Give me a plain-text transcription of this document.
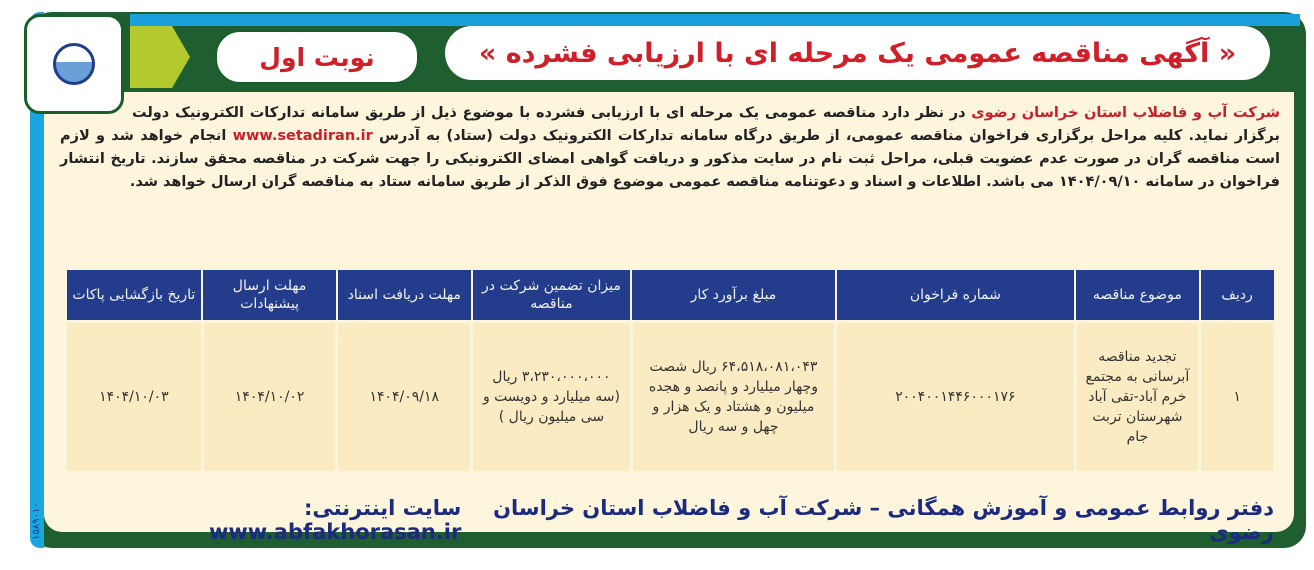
نوبت اول	« آگهی مناقصه عمومی یک مرحله ای با ارزیابی فشرده »
۱۵۸۹۰۱۰
شرکت آب و فاضلاب استان خراسان رضوی در نظر دارد مناقصه عمومی یک مرحله ای با ارزیابی فشرده با موضوع ذیل از طریق سامانه تدارکات الکترونیک دولت برگزار نماید. کلیه مراحل برگزاری فراخوان مناقصه عمومی، از طریق درگاه سامانه تدارکات الکترونیک دولت (ستاد) به آدرس www.setadiran.ir انجام خواهد شد و لازم است مناقصه گران در صورت عدم عضویت قبلی، مراحل ثبت نام در سایت مذکور و دریافت گواهی امضای الکترونیکی را جهت شرکت در مناقصه محقق سازند. تاریخ انتشار فراخوان در سامانه ۱۴۰۴/۰۹/۱۰ می باشد. اطلاعات و اسناد و دعوتنامه مناقصه عمومی موضوع فوق الذکر از طریق سامانه ستاد به مناقصه گران ارسال خواهد شد.
ردیف	موضوع مناقصه	شماره فراخوان	مبلغ برآورد کار	میزان تضمین شرکت در مناقصه	مهلت دریافت اسناد	مهلت ارسال پیشنهادات	تاریخ بازگشایی پاکات
۱	تجدید مناقصه آبرسانی به مجتمع خرم آباد-تقی آباد شهرستان تربت جام	۲۰۰۴۰۰۱۴۴۶۰۰۰۱۷۶	۶۴،۵۱۸،۰۸۱،۰۴۳ ریال شصت وچهار میلیارد و پانصد و هجده میلیون و هشتاد و یک هزار و چهل و سه ریال	۳،۲۳۰،۰۰۰،۰۰۰ ریال (سه میلیارد و دویست و سی میلیون ریال )	۱۴۰۴/۰۹/۱۸	۱۴۰۴/۱۰/۰۲	۱۴۰۴/۱۰/۰۳
دفتر روابط عمومی و آموزش همگانی – شرکت آب و فاضلاب استان خراسان رضوی
سایت اینترنتی: www.abfakhorasan.ir
